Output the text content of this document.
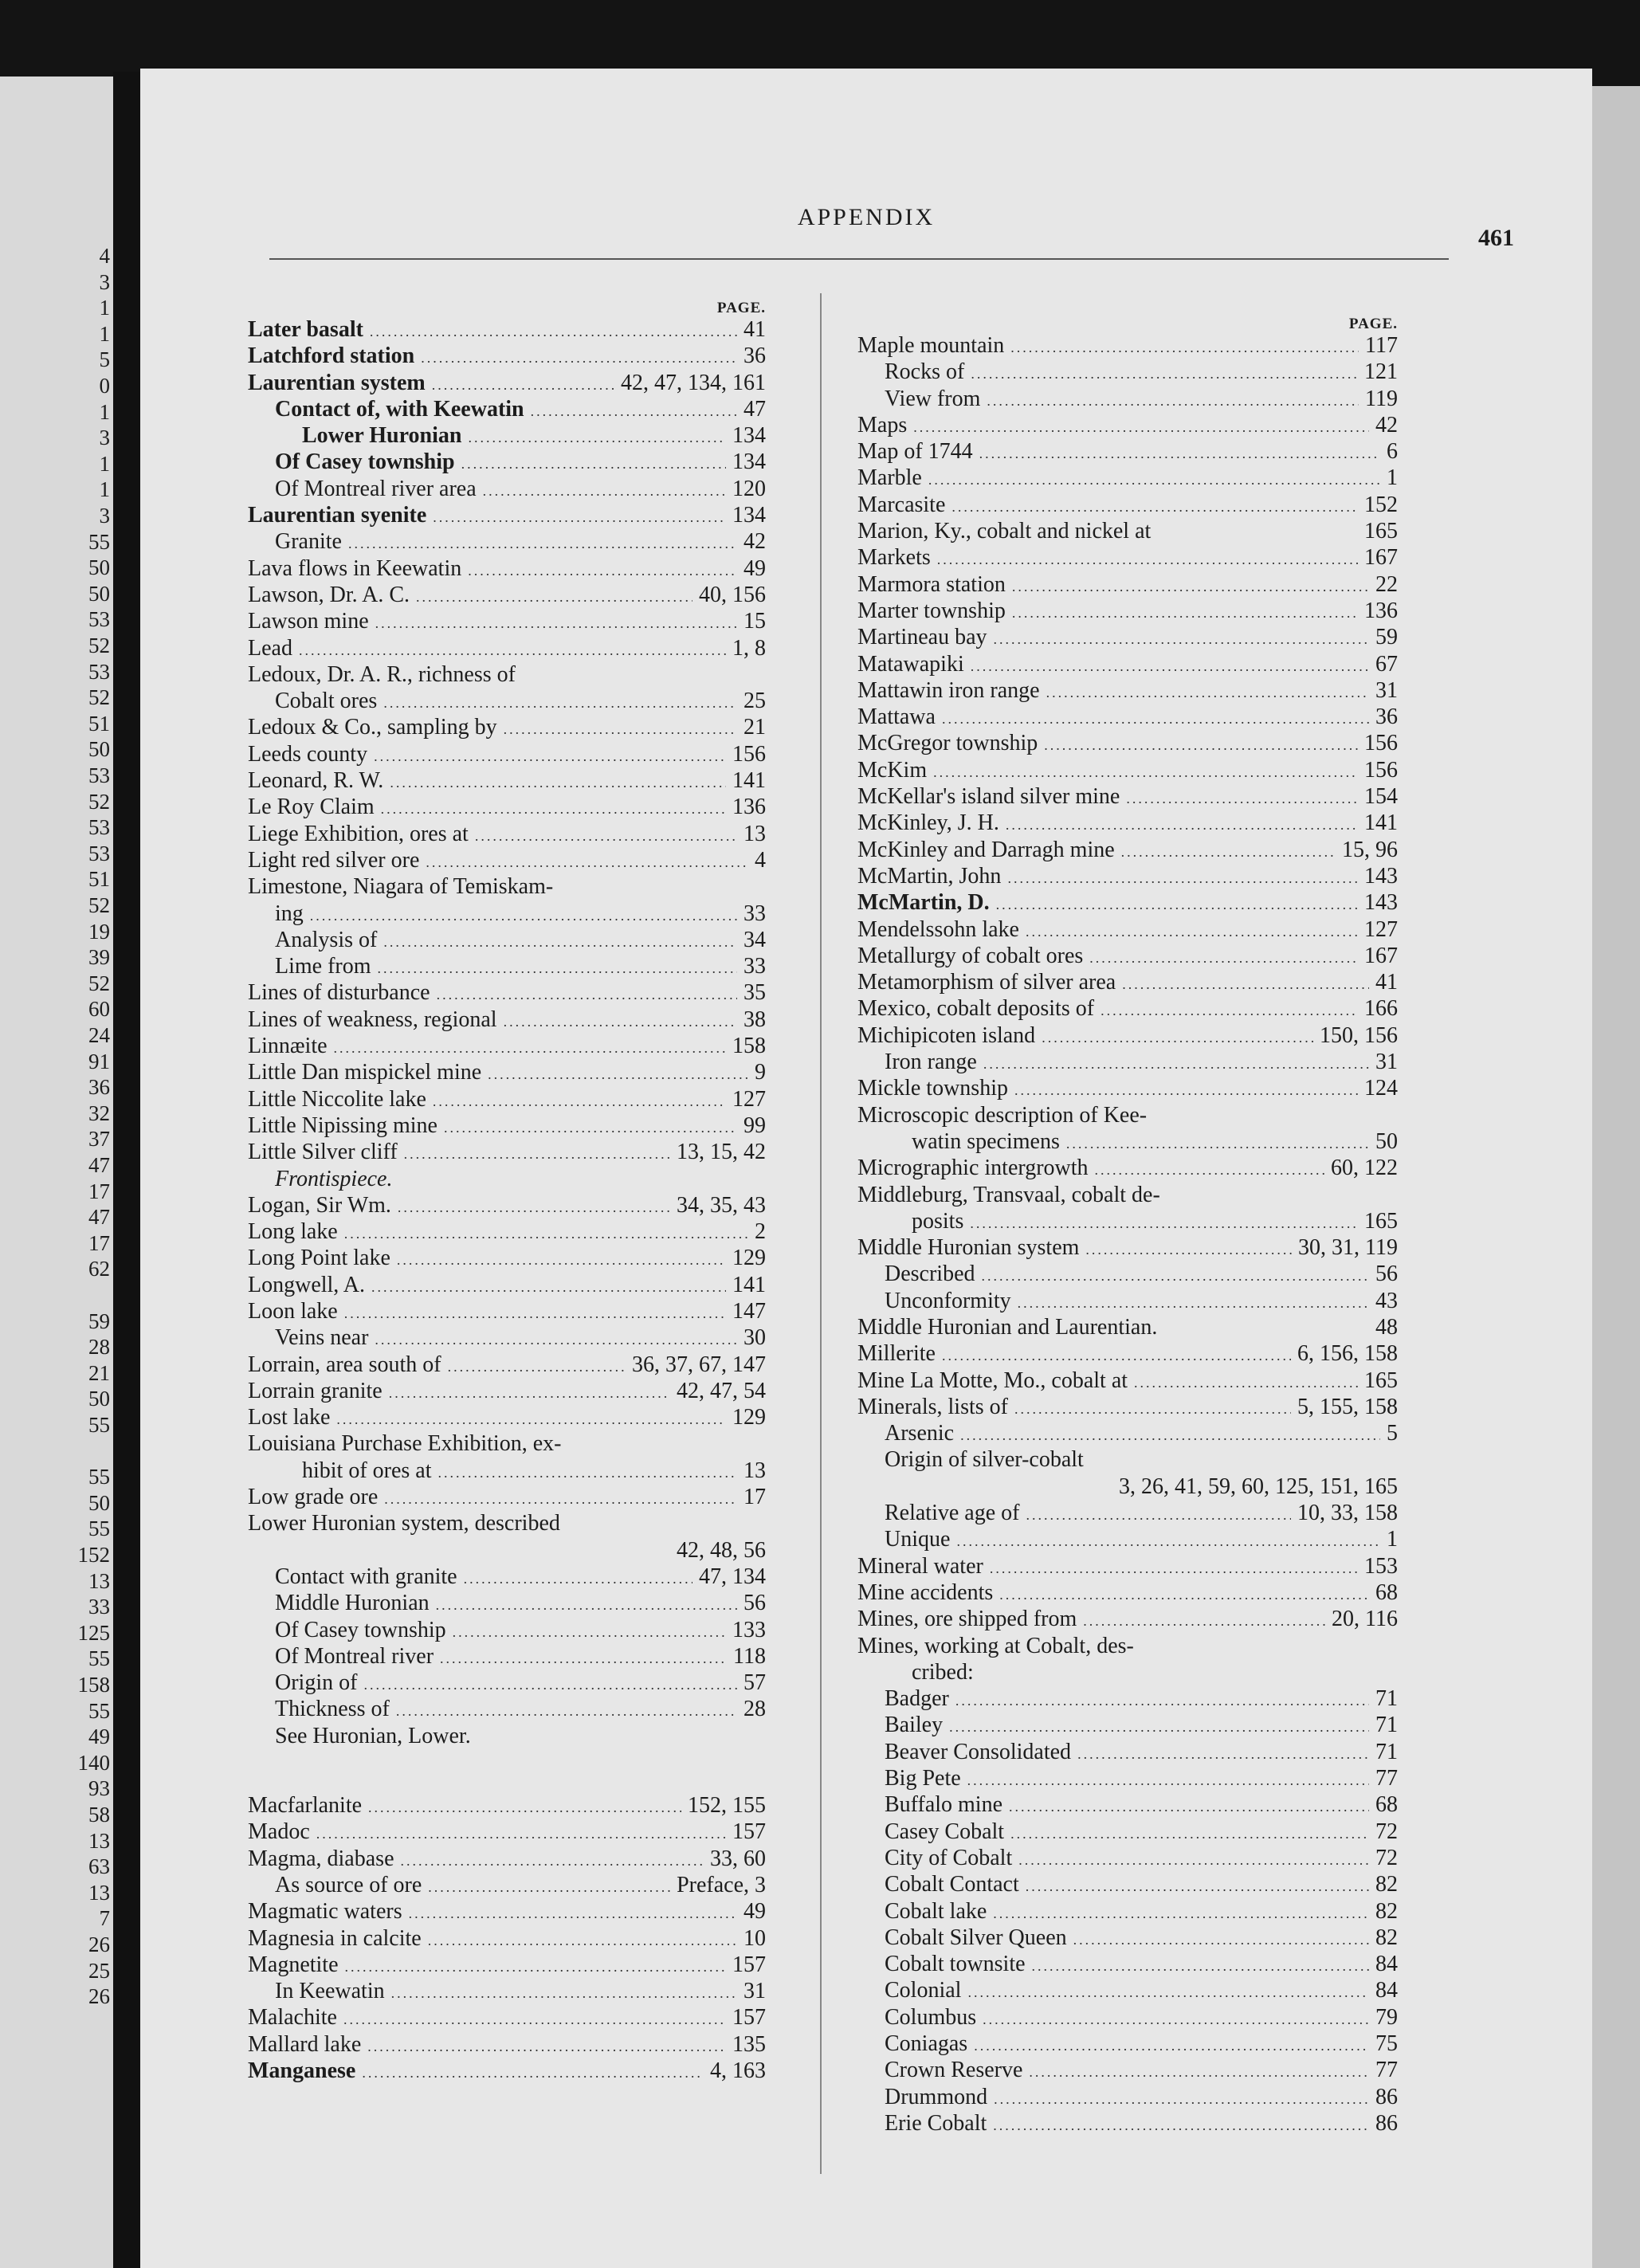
4
3
1
1
5
0
1
3
1
1
3
55
50
50
53
52
53
52
51
50
53
52
53
53
51
52
19
39
52
60
24
91
36
32
37
47
17
47
17
62
59
28
21
50
55
55
50
55
152
13
33
125
55
158
55
49
140
93
58
13
63
13
7
26
25
26
APPENDIX
461
PAGE.
Later basalt .....	41
Latchford station .....	36
Laurentian system .....	42, 47, 134, 161
Contact of, with Keewatin .....	47
Lower Huronian .....	134
Of Casey township .....	134
Of Montreal river area .....	120
Laurentian syenite .....	134
Granite .....	42
Lava flows in Keewatin .....	49
Lawson, Dr. A. C. .....	40, 156
Lawson mine .....	15
Lead .....	1, 8
Ledoux, Dr. A. R., richness of
Cobalt ores .....	25
Ledoux & Co., sampling by .....	21
Leeds county .....	156
Leonard, R. W. .....	141
Le Roy Claim .....	136
Liege Exhibition, ores at .....	13
Light red silver ore .....	4
Limestone, Niagara of Temiskam-
ing .....	33
Analysis of .....	34
Lime from .....	33
Lines of disturbance .....	35
Lines of weakness, regional .....	38
Linnæite .....	158
Little Dan mispickel mine .....	9
Little Niccolite lake .....	127
Little Nipissing mine .....	99
Little Silver cliff .....	13, 15, 42
Frontispiece.
Logan, Sir Wm. .....	34, 35, 43
Long lake .....	2
Long Point lake .....	129
Longwell, A. .....	141
Loon lake .....	147
Veins near .....	30
Lorrain, area south of .....	36, 37, 67, 147
Lorrain granite .....	42, 47, 54
Lost lake .....	129
Louisiana Purchase Exhibition, ex-
hibit of ores at .....	13
Low grade ore .....	17
Lower Huronian system, described
42, 48, 56
Contact with granite .....	47, 134
Middle Huronian .....	56
Of Casey township .....	133
Of Montreal river .....	118
Origin of .....	57
Thickness of .....	28
See Huronian, Lower.
Macfarlanite .....	152, 155
Madoc .....	157
Magma, diabase .....	33, 60
As source of ore .....	Preface, 3
Magmatic waters .....	49
Magnesia in calcite .....	10
Magnetite .....	157
In Keewatin .....	31
Malachite .....	157
Mallard lake .....	135
Manganese .....	4, 163
PAGE.
Maple mountain .....	117
Rocks of .....	121
View from .....	119
Maps .....	42
Map of 1744 .....	6
Marble .....	1
Marcasite .....	152
Marion, Ky., cobalt and nickel at	165
Markets .....	167
Marmora station .....	22
Marter township .....	136
Martineau bay .....	59
Matawapiki .....	67
Mattawin iron range .....	31
Mattawa .....	36
McGregor township .....	156
McKim .....	156
McKellar's island silver mine .....	154
McKinley, J. H. .....	141
McKinley and Darragh mine .....	15, 96
McMartin, John .....	143
McMartin, D. .....	143
Mendelssohn lake .....	127
Metallurgy of cobalt ores .....	167
Metamorphism of silver area .....	41
Mexico, cobalt deposits of .....	166
Michipicoten island .....	150, 156
Iron range .....	31
Mickle township .....	124
Microscopic description of Kee-
watin specimens .....	50
Micrographic intergrowth .....	60, 122
Middleburg, Transvaal, cobalt de-
posits .....	165
Middle Huronian system .....	30, 31, 119
Described .....	56
Unconformity .....	43
Middle Huronian and Laurentian.	48
Millerite .....	6, 156, 158
Mine La Motte, Mo., cobalt at .....	165
Minerals, lists of .....	5, 155, 158
Arsenic .....	5
Origin of silver-cobalt
3, 26, 41, 59, 60, 125, 151, 165
Relative age of .....	10, 33, 158
Unique .....	1
Mineral water .....	153
Mine accidents .....	68
Mines, ore shipped from .....	20, 116
Mines, working at Cobalt, des-
cribed:
Badger .....	71
Bailey .....	71
Beaver Consolidated .....	71
Big Pete .....	77
Buffalo mine .....	68
Casey Cobalt .....	72
City of Cobalt .....	72
Cobalt Contact .....	82
Cobalt lake .....	82
Cobalt Silver Queen .....	82
Cobalt townsite .....	84
Colonial .....	84
Columbus .....	79
Coniagas .....	75
Crown Reserve .....	77
Drummond .....	86
Erie Cobalt .....	86
